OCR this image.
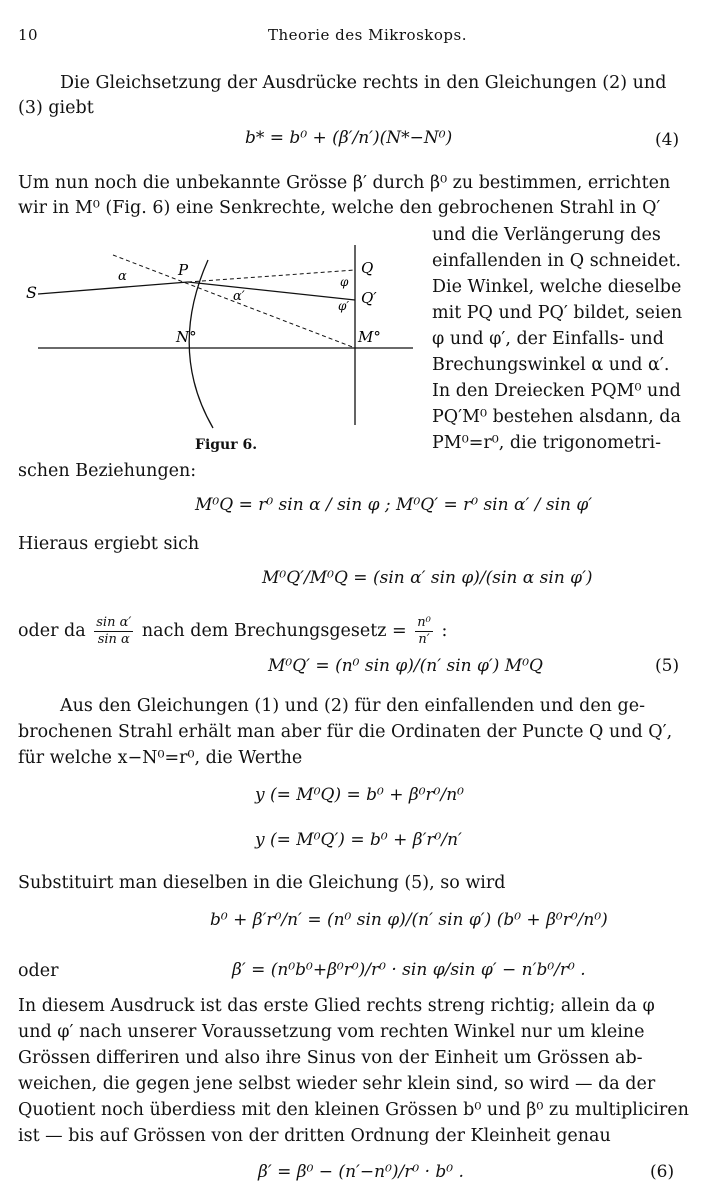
10	Theorie des Mikroskops.
Die Gleichsetzung der Ausdrücke rechts in den Gleichungen (2) und
(3) giebt
b* = b⁰ + (β′/n′)(N*−N⁰)	(4)
Um nun noch die unbekannte Grösse β′ durch β⁰ zu bestimmen, errichten
wir in M⁰ (Fig. 6) eine Senkrechte, welche den gebrochenen Strahl in Q′
S
P	Q
Q′
N°	M°
α
α′
φ
φ′
Figur 6.
und die Verlängerung des
einfallenden in Q schneidet.
Die Winkel, welche dieselbe
mit PQ und PQ′ bildet, seien
φ und φ′, der Einfalls- und
Brechungswinkel α und α′.
In den Dreiecken PQM⁰ und
PQ′M⁰ bestehen alsdann, da
PM⁰=r⁰, die trigonometri-
schen Beziehungen:
M⁰Q = r⁰ sin α / sin φ ; M⁰Q′ = r⁰ sin α′ / sin φ′
Hieraus ergiebt sich
M⁰Q′/M⁰Q = (sin α′ sin φ)/(sin α sin φ′)
oder da $\frac{\text{sin α′}}{\text{sin α}}$ nach dem Brechungsgesetz = $\frac{\text{n⁰}}{n'}$ :
M⁰Q′ = (n⁰ sin φ)/(n′ sin φ′) M⁰Q	(5)
Aus den Gleichungen (1) und (2) für den einfallenden und den ge-
brochenen Strahl erhält man aber für die Ordinaten der Puncte Q und Q′,
für welche x−N⁰=r⁰, die Werthe
y (= M⁰Q) = b⁰ + β⁰r⁰/n⁰
y (= M⁰Q′) = b⁰ + β′r⁰/n′
Substituirt man dieselben in die Gleichung (5), so wird
b⁰ + β′r⁰/n′ = (n⁰ sin φ)/(n′ sin φ′) (b⁰ + β⁰r⁰/n⁰)
oder	β′ = (n⁰b⁰+β⁰r⁰)/r⁰ · sin φ/sin φ′ − n′b⁰/r⁰ .
In diesem Ausdruck ist das erste Glied rechts streng richtig; allein da φ
und φ′ nach unserer Voraussetzung vom rechten Winkel nur um kleine
Grössen differiren und also ihre Sinus von der Einheit um Grössen ab-
weichen, die gegen jene selbst wieder sehr klein sind, so wird — da der
Quotient noch überdiess mit den kleinen Grössen b⁰ und β⁰ zu multipliciren
ist — bis auf Grössen von der dritten Ordnung der Kleinheit genau
β′ = β⁰ − (n′−n⁰)/r⁰ · b⁰ .	(6)
